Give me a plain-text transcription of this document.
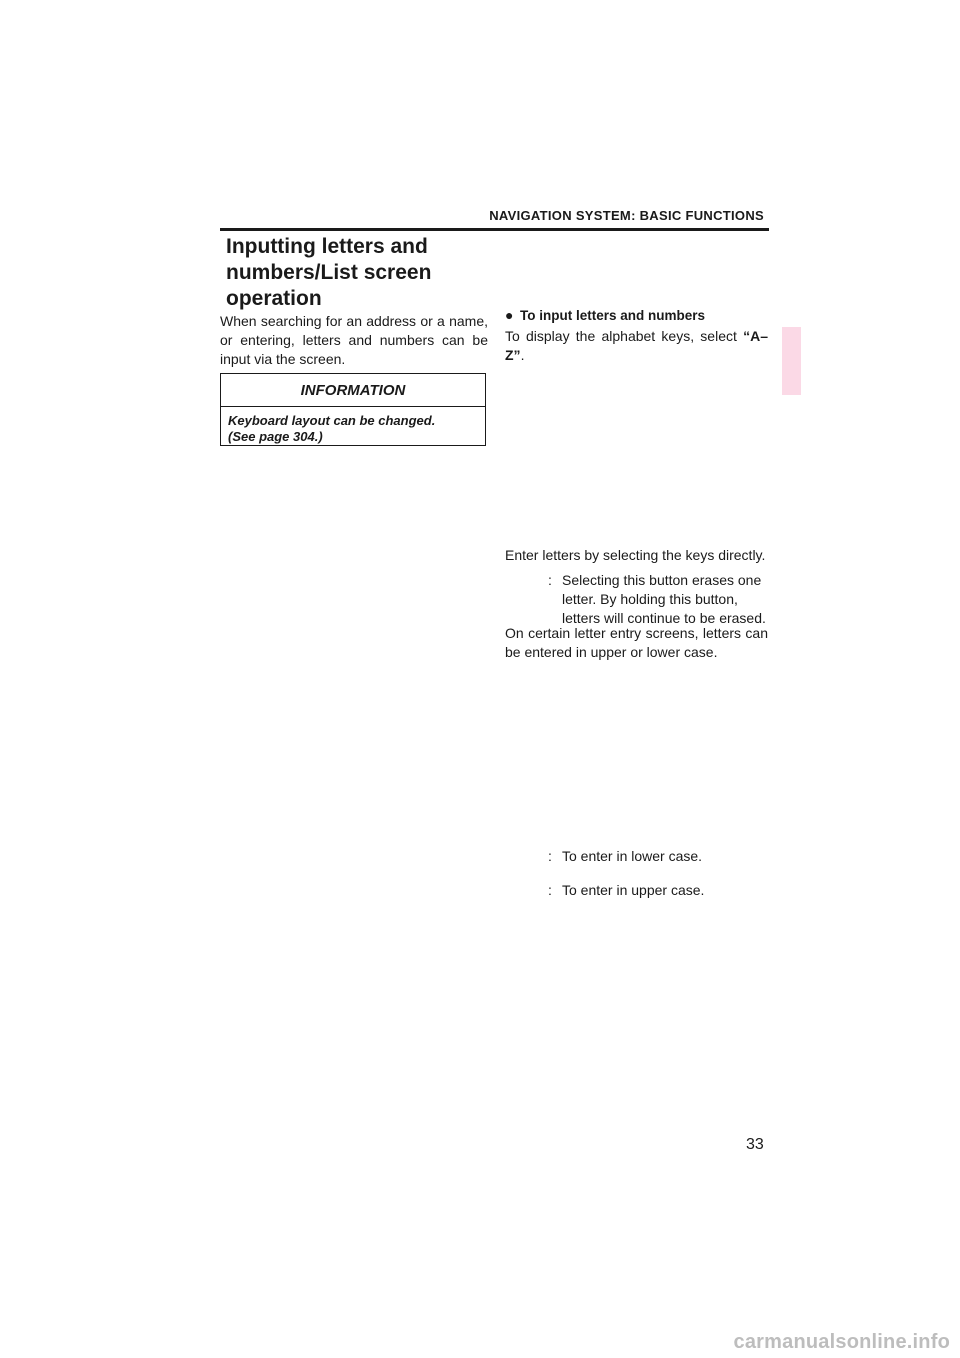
NAVIGATION SYSTEM: BASIC FUNCTIONS
Inputting letters and
numbers/List screen
operation

When searching for an address or a name, or entering, letters and numbers can be input via the screen.

INFORMATION

Keyboard layout can be changed.
(See page 304.)

● To input letters and numbers

To display the alphabet keys, select “A–Z”.

Enter letters by selecting the keys directly.

: Selecting this button erases one letter. By holding this button, letters will continue to be erased.

On certain letter entry screens, letters can be entered in upper or lower case.

: To enter in lower case.
: To enter in upper case.

33

carmanualsonline.info
